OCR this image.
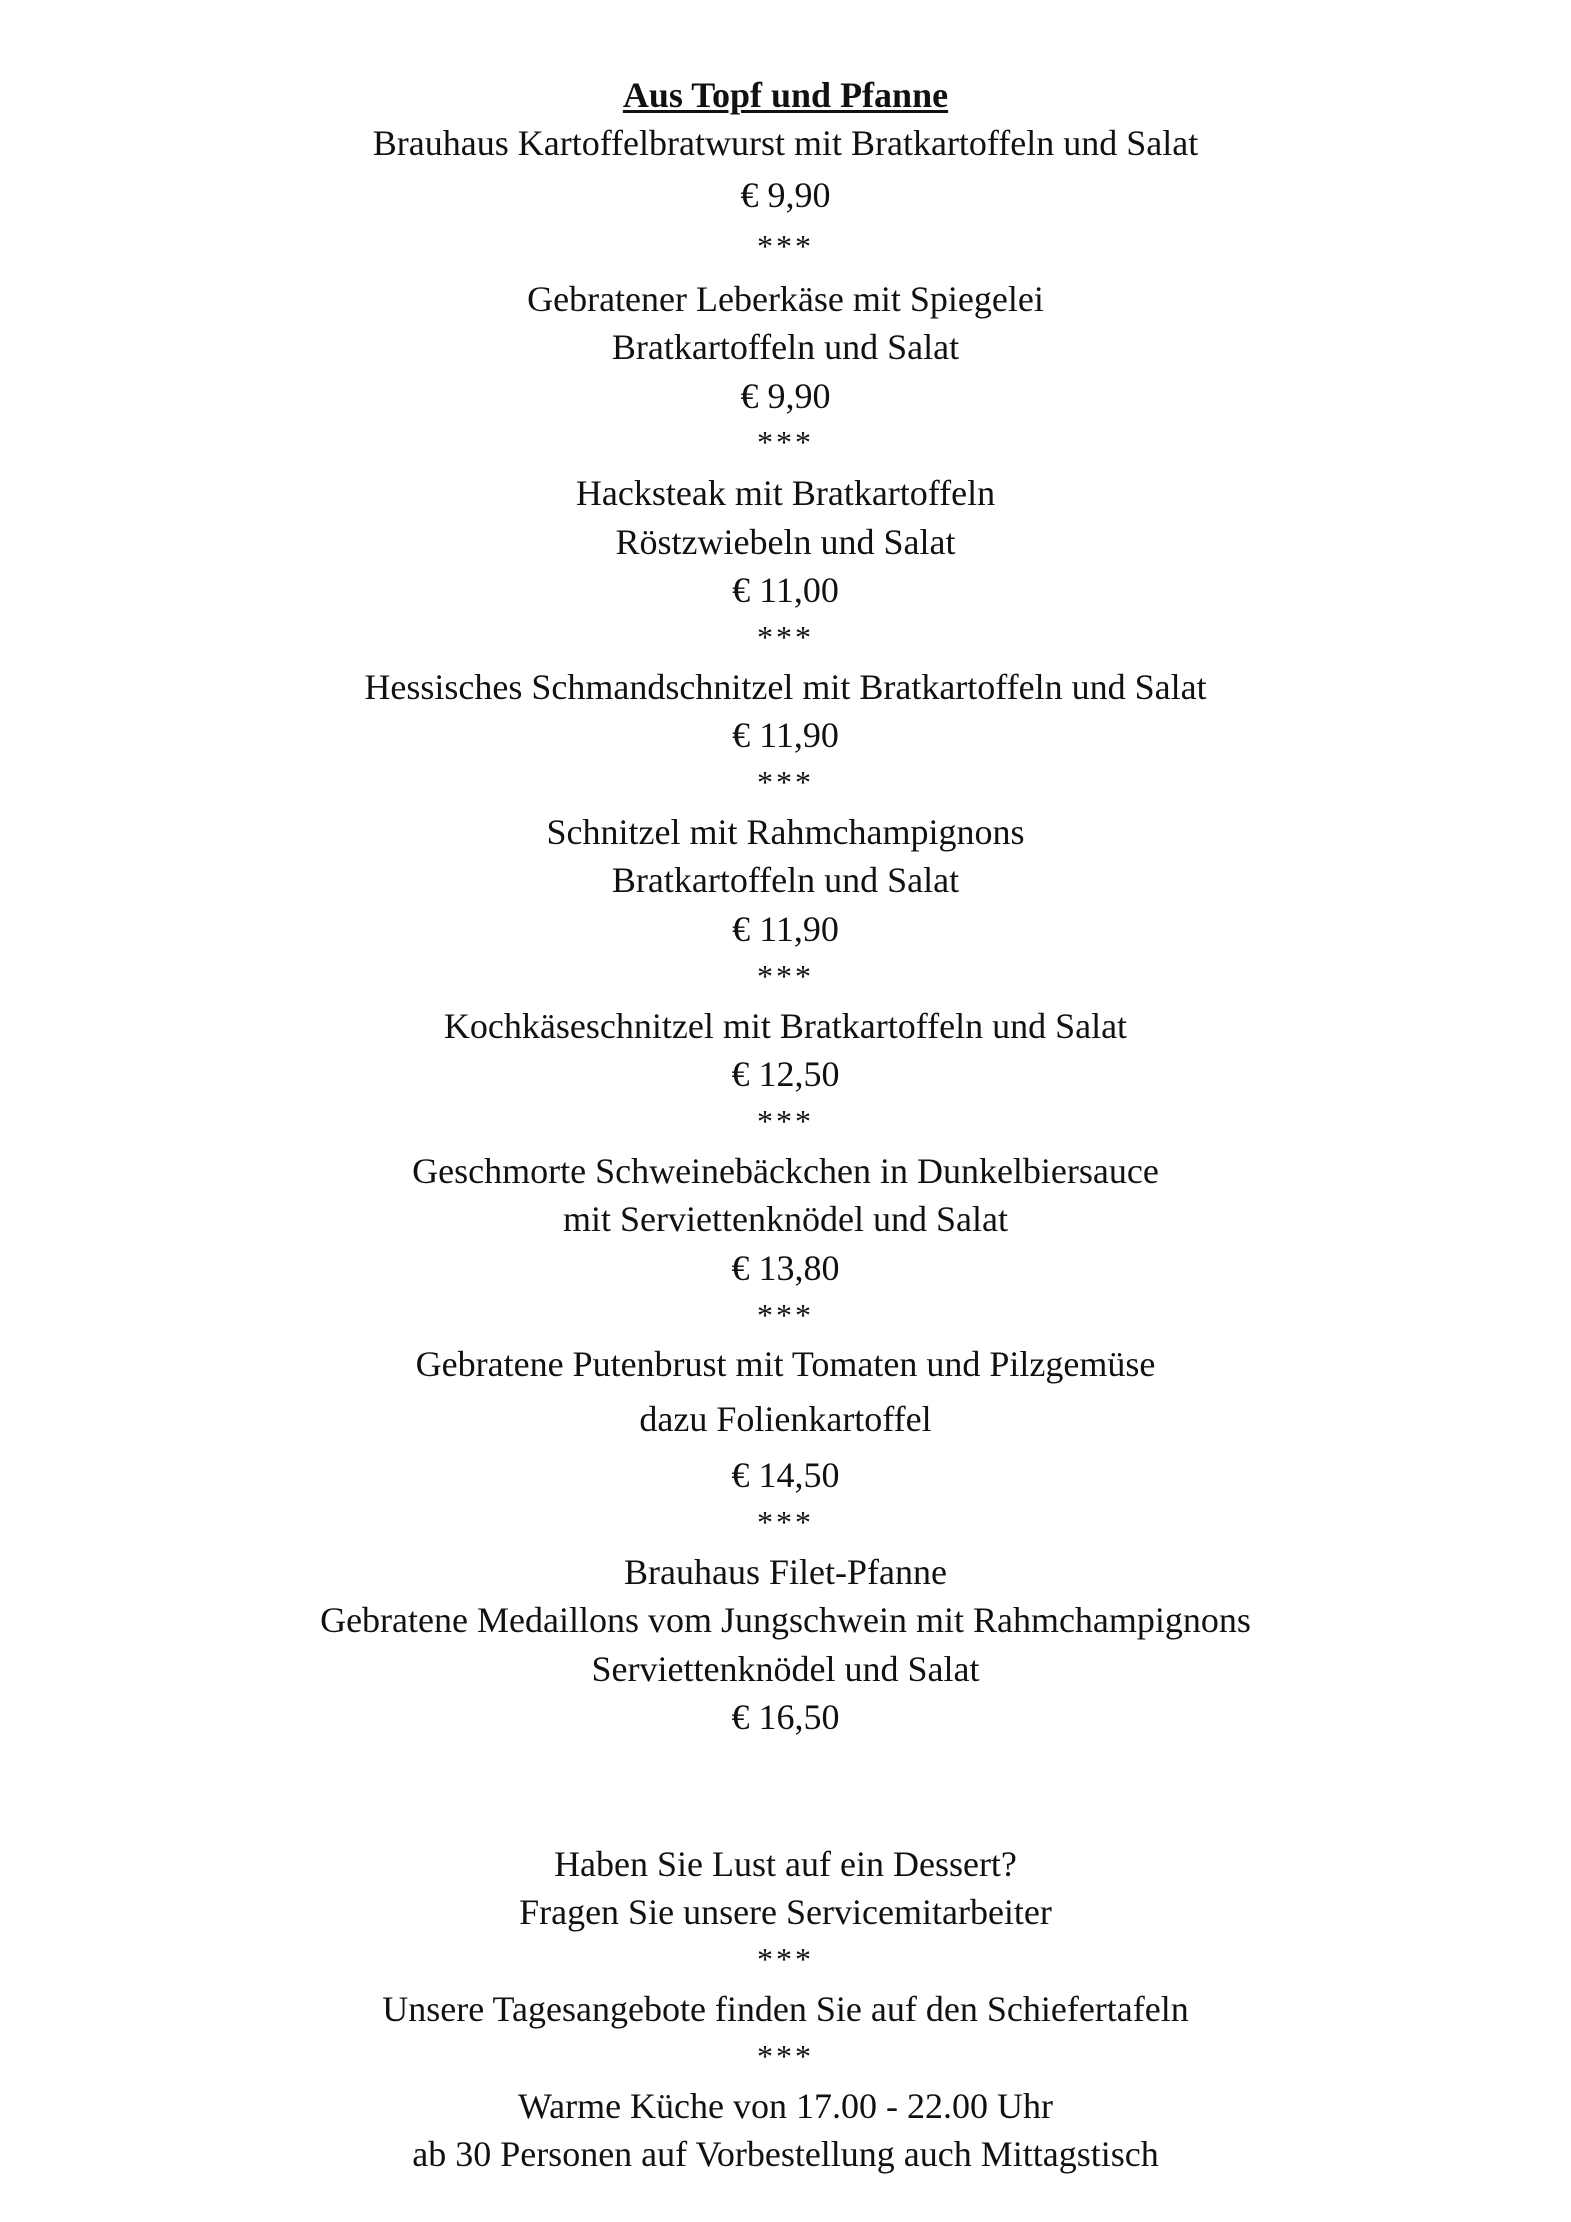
Aus Topf und Pfanne
Brauhaus Kartoffelbratwurst mit Bratkartoffeln und Salat
€ 9,90
***
Gebratener Leberkäse mit Spiegelei
Bratkartoffeln und Salat
€ 9,90
***
Hacksteak mit Bratkartoffeln
Röstzwiebeln und Salat
€ 11,00
***
Hessisches Schmandschnitzel mit Bratkartoffeln und Salat
€ 11,90
***
Schnitzel mit Rahmchampignons
Bratkartoffeln und Salat
€ 11,90
***
Kochkäseschnitzel mit Bratkartoffeln und Salat
€ 12,50
***
Geschmorte Schweinebäckchen in Dunkelbiersauce
mit Serviettenknödel und Salat
€ 13,80
***
Gebratene Putenbrust mit Tomaten und Pilzgemüse
dazu Folienkartoffel
€ 14,50
***
Brauhaus Filet-Pfanne
Gebratene Medaillons vom Jungschwein mit Rahmchampignons
Serviettenknödel und Salat
€ 16,50
Haben Sie Lust auf ein Dessert?
Fragen Sie unsere Servicemitarbeiter
***
Unsere Tagesangebote finden Sie auf den Schiefertafeln
***
Warme Küche von 17.00 - 22.00 Uhr
ab 30 Personen auf Vorbestellung auch Mittagstisch
